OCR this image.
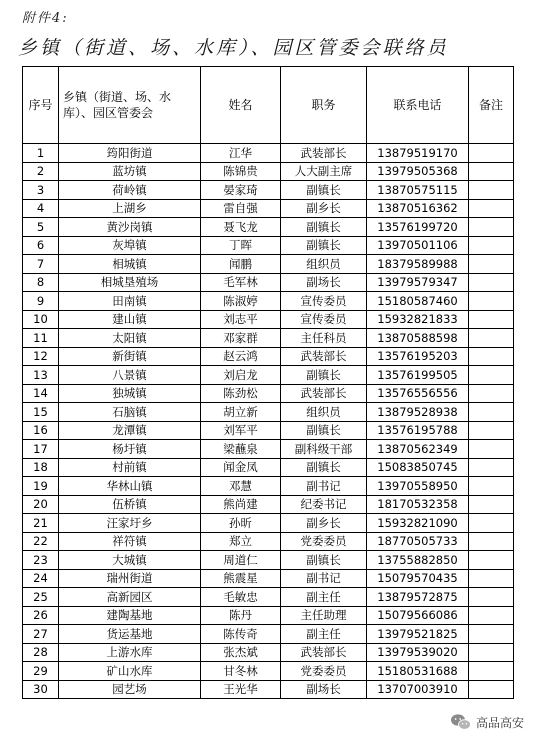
附件4:
乡镇（街道、场、水库）、园区管委会联络员
序号	乡镇（街道、场、水库）、园区管委会	姓名	职务	联系电话	备注
1	筠阳街道	江华	武装部长	13879519170	
2	蓝坊镇	陈锦贵	人大副主席	13979505368	
3	荷岭镇	晏家琦	副镇长	13870575115	
4	上湖乡	雷自强	副乡长	13870516362	
5	黄沙岗镇	聂飞龙	副镇长	13576199720	
6	灰埠镇	丁晖	副镇长	13970501106	
7	相城镇	闻鹏	组织员	18379589988	
8	相城垦殖场	毛军林	副场长	13979579347	
9	田南镇	陈淑婷	宣传委员	15180587460	
10	建山镇	刘志平	宣传委员	15932821833	
11	太阳镇	邓家群	主任科员	13870588598	
12	新街镇	赵云鸿	武装部长	13576195203	
13	八景镇	刘启龙	副镇长	13576199505	
14	独城镇	陈劲松	武装部长	13576556556	
15	石脑镇	胡立新	组织员	13879528938	
16	龙潭镇	刘军平	副镇长	13576195788	
17	杨圩镇	梁蘸泉	副科级干部	13870562349	
18	村前镇	闻金凤	副镇长	15083850745	
19	华林山镇	邓慧	副书记	13970558950	
20	伍桥镇	熊尚建	纪委书记	18170532358	
21	汪家圩乡	孙昕	副乡长	15932821090	
22	祥符镇	郑立	党委委员	18770505733	
23	大城镇	周道仁	副镇长	13755882850	
24	瑞州街道	熊震星	副书记	15079570435	
25	高新园区	毛敏忠	副主任	13879572875	
26	建陶基地	陈丹	主任助理	15079566086	
27	货运基地	陈传奇	副主任	13979521825	
28	上游水库	张杰斌	武装部长	13979539020	
29	矿山水库	甘冬林	党委委员	15180531688	
30	园艺场	王光华	副场长	13707003910	
高品高安
